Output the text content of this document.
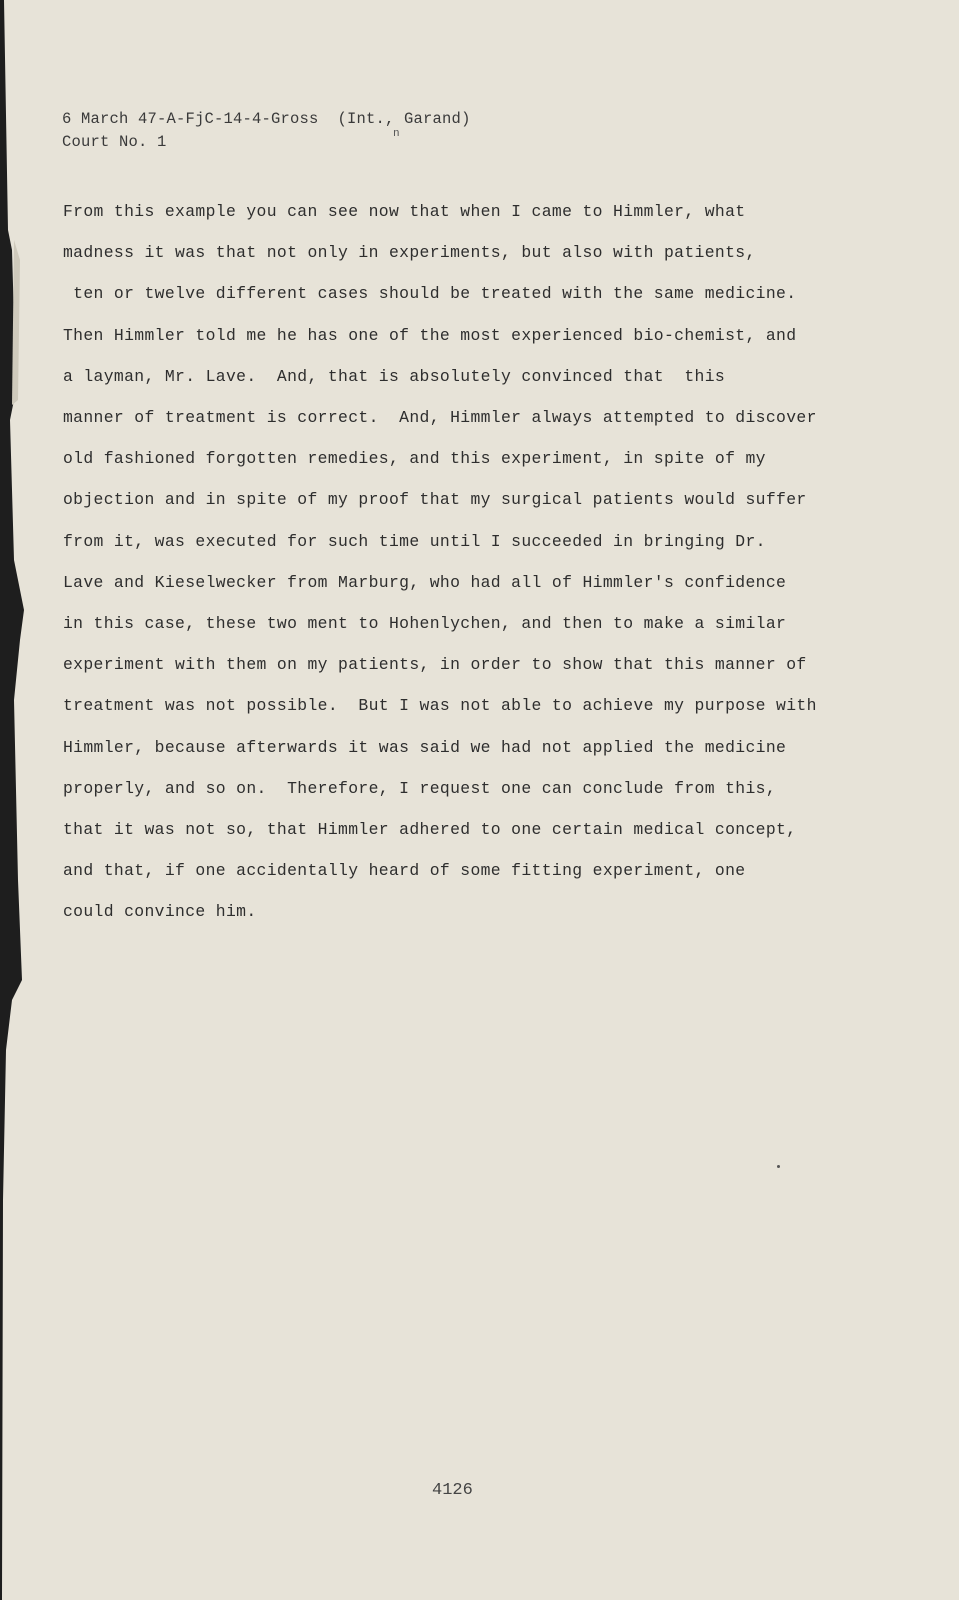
6 March 47-A-FjC-14-4-Gross  (Int., Garand)
Court No. 1	n
From this example you can see now that when I came to Himmler, what
madness it was that not only in experiments, but also with patients,
ten or twelve different cases should be treated with the same medicine.
Then Himmler told me he has one of the most experienced bio-chemist, and
a layman, Mr. Lave.  And, that is absolutely convinced that  this
manner of treatment is correct.  And, Himmler always attempted to discover
old fashioned forgotten remedies, and this experiment, in spite of my
objection and in spite of my proof that my surgical patients would suffer
from it, was executed for such time until I succeeded in bringing Dr.
Lave and Kieselwecker from Marburg, who had all of Himmler's confidence
in this case, these two ment to Hohenlychen, and then to make a similar
experiment with them on my patients, in order to show that this manner of
treatment was not possible.  But I was not able to achieve my purpose with
Himmler, because afterwards it was said we had not applied the medicine
properly, and so on.  Therefore, I request one can conclude from this,
that it was not so, that Himmler adhered to one certain medical concept,
and that, if one accidentally heard of some fitting experiment, one
could convince him.
4126
